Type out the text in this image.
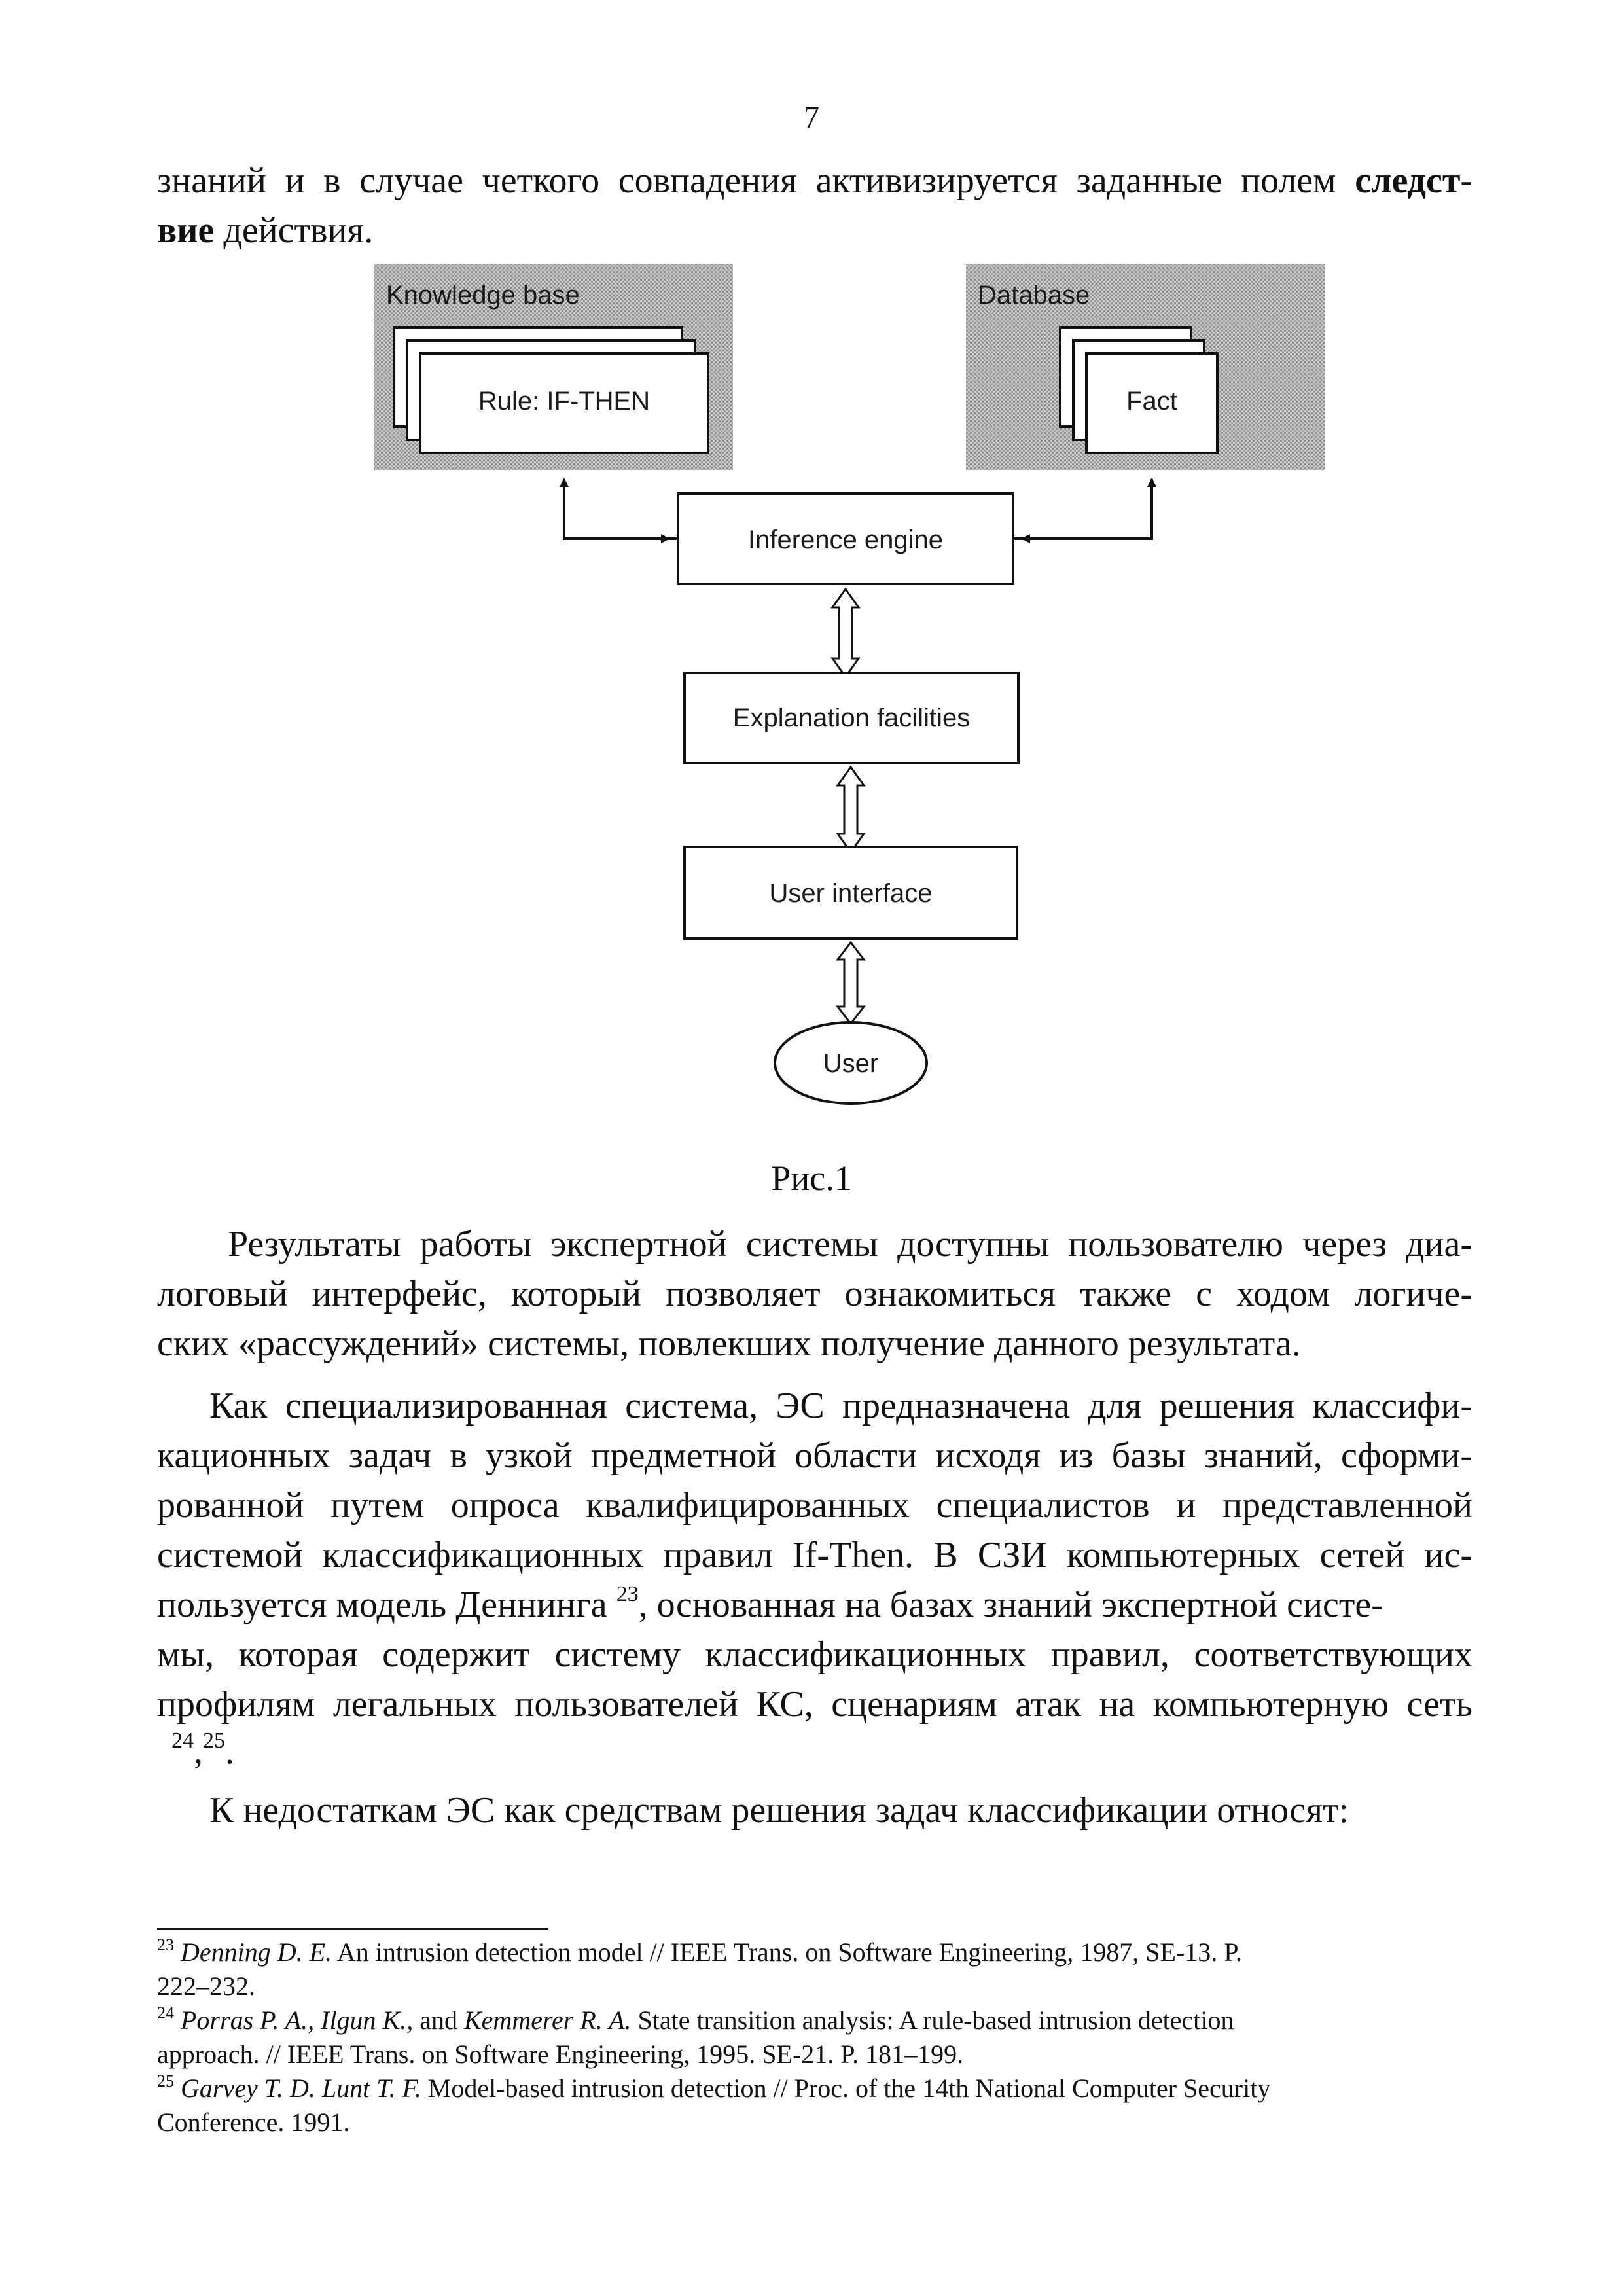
7
знаний и в случае четкого совпадения активизируется заданные полем следст-
вие действия.
Knowledge base
Rule: IF-THEN
Database
Fact
Inference engine
Explanation facilities
User interface
User
Рис.1
Результаты работы экспертной системы доступны пользователю через диа-
логовый интерфейс, который позволяет ознакомиться также с ходом логиче-
ских «рассуждений» системы, повлекших получение данного результата.
Как специализированная система, ЭС предназначена для решения классифи-
кационных задач в узкой предметной области исходя из базы знаний, сформи-
рованной путем опроса квалифицированных специалистов и представленной
системой классификационных правил If-Then. В СЗИ компьютерных сетей ис-
пользуется модель Деннинга $^{23}$, основанная на базах знаний экспертной систе-
мы, которая содержит систему классификационных правил, соответствующих
профилям легальных пользователей КС, сценариям атак на компьютерную сеть
$^{24}$,$^{25}$.
К недостаткам ЭС как средствам решения задач классификации относят:
$^{23}$ Denning D. E. An intrusion detection model // IEEE Trans. on Software Engineering, 1987, SE-13. P.
222–232.
$^{24}$ Porras P. A., Ilgun K., and Kemmerer R. A. State transition analysis: A rule-based intrusion detection
approach. // IEEE Trans. on Software Engineering, 1995. SE-21. P. 181–199.
$^{25}$ Garvey T. D. Lunt T. F. Model-based intrusion detection // Proc. of the 14th National Computer Security
Conference. 1991.
